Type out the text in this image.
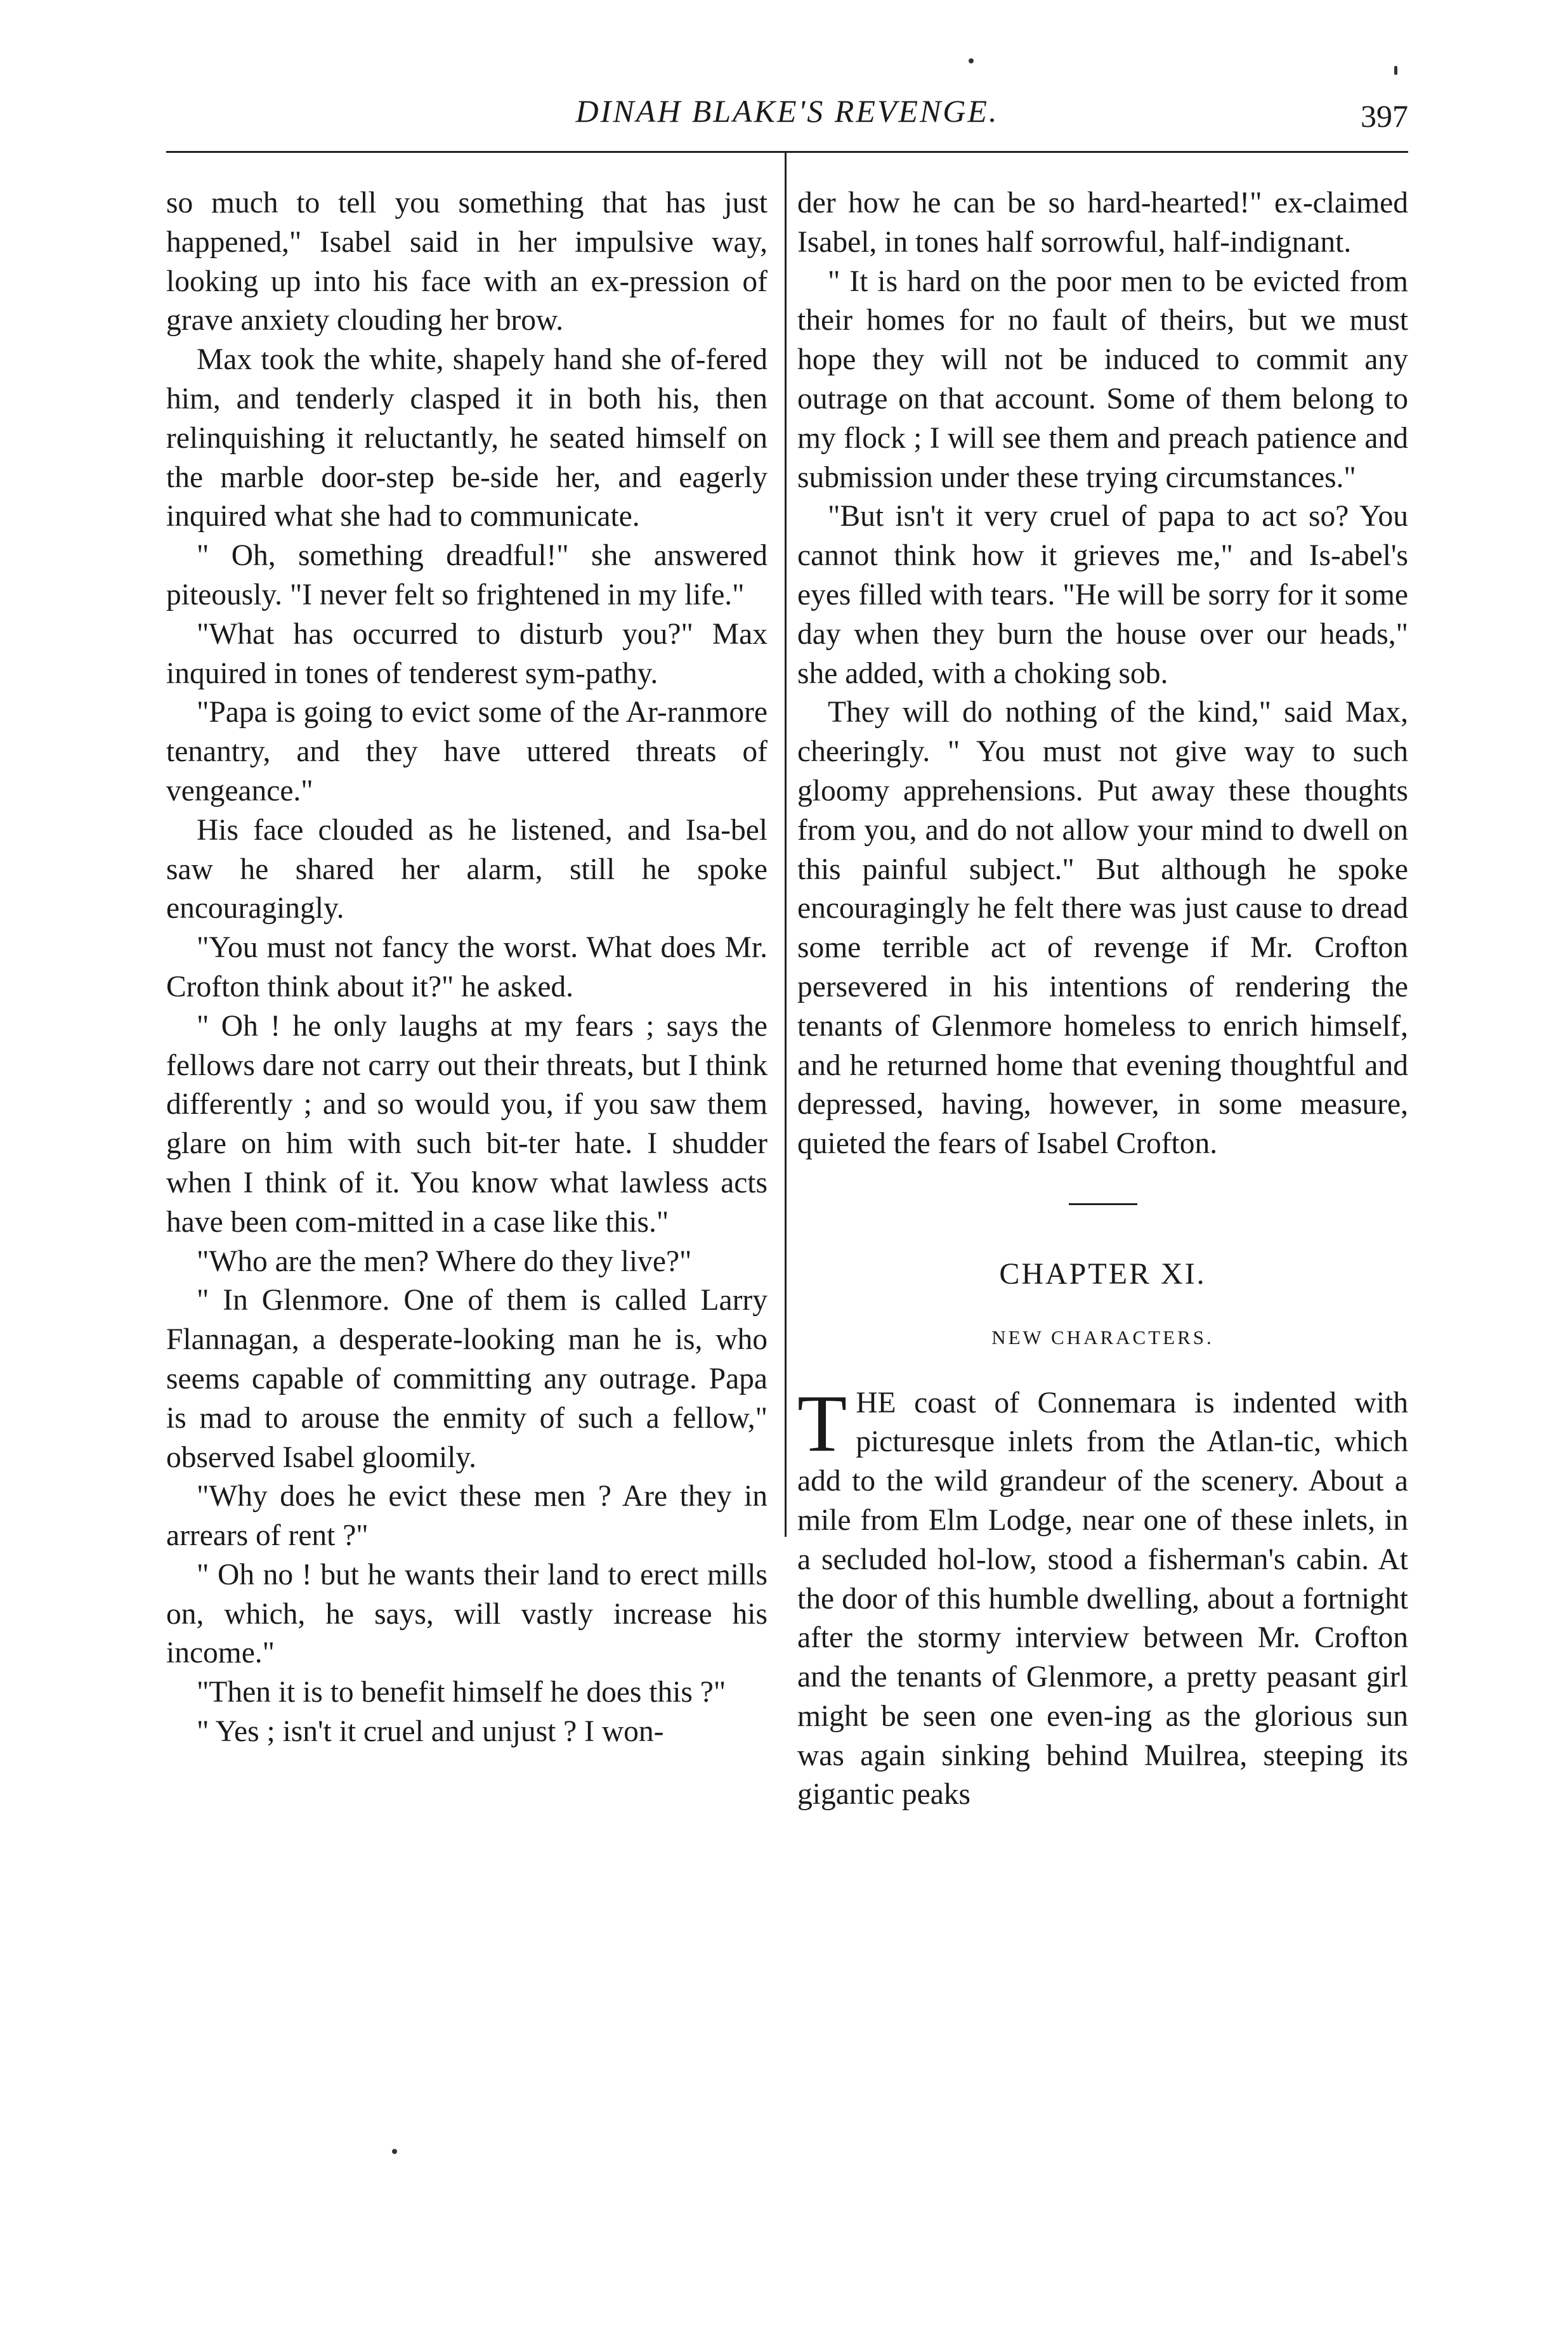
DINAH BLAKE'S REVENGE.	397

so much to tell you something that has just happened," Isabel said in her impulsive way, looking up into his face with an ex-pression of grave anxiety clouding her brow.

Max took the white, shapely hand she of-fered him, and tenderly clasped it in both his, then relinquishing it reluctantly, he seated himself on the marble door-step be-side her, and eagerly inquired what she had to communicate.

" Oh, something dreadful!" she answered piteously. "I never felt so frightened in my life."

"What has occurred to disturb you?" Max inquired in tones of tenderest sym-pathy.

"Papa is going to evict some of the Ar-ranmore tenantry, and they have uttered threats of vengeance."

His face clouded as he listened, and Isa-bel saw he shared her alarm, still he spoke encouragingly.

"You must not fancy the worst. What does Mr. Crofton think about it?" he asked.

" Oh ! he only laughs at my fears ; says the fellows dare not carry out their threats, but I think differently ; and so would you, if you saw them glare on him with such bit-ter hate. I shudder when I think of it. You know what lawless acts have been com-mitted in a case like this."

"Who are the men? Where do they live?"

" In Glenmore. One of them is called Larry Flannagan, a desperate-looking man he is, who seems capable of committing any outrage. Papa is mad to arouse the enmity of such a fellow," observed Isabel gloomily.

"Why does he evict these men ? Are they in arrears of rent ?"

" Oh no ! but he wants their land to erect mills on, which, he says, will vastly increase his income."

"Then it is to benefit himself he does this ?"

" Yes ; isn't it cruel and unjust ? I won-

der how he can be so hard-hearted!" ex-claimed Isabel, in tones half sorrowful, half-indignant.

" It is hard on the poor men to be evicted from their homes for no fault of theirs, but we must hope they will not be induced to commit any outrage on that account. Some of them belong to my flock ; I will see them and preach patience and submission under these trying circumstances."

"But isn't it very cruel of papa to act so? You cannot think how it grieves me," and Is-abel's eyes filled with tears. "He will be sorry for it some day when they burn the house over our heads," she added, with a choking sob.

They will do nothing of the kind," said Max, cheeringly. " You must not give way to such gloomy apprehensions. Put away these thoughts from you, and do not allow your mind to dwell on this painful subject." But although he spoke encouragingly he felt there was just cause to dread some terrible act of revenge if Mr. Crofton persevered in his intentions of rendering the tenants of Glenmore homeless to enrich himself, and he returned home that evening thoughtful and depressed, having, however, in some measure, quieted the fears of Isabel Crofton.

CHAPTER XI.
NEW CHARACTERS.

THE coast of Connemara is indented with picturesque inlets from the Atlan-tic, which add to the wild grandeur of the scenery. About a mile from Elm Lodge, near one of these inlets, in a secluded hol-low, stood a fisherman's cabin. At the door of this humble dwelling, about a fortnight after the stormy interview between Mr. Crofton and the tenants of Glenmore, a pretty peasant girl might be seen one even-ing as the glorious sun was again sinking behind Muilrea, steeping its gigantic peaks
